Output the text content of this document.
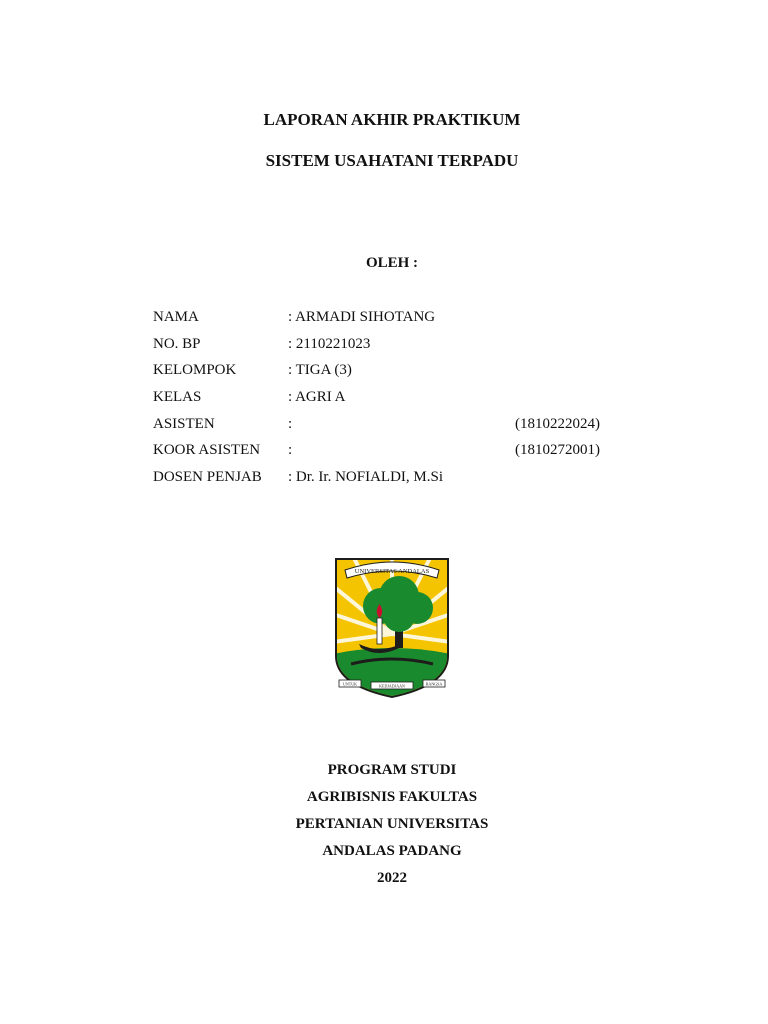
LAPORAN AKHIR PRAKTIKUM
SISTEM USAHATANI TERPADU
OLEH :
NAMA	: ARMADI SIHOTANG
NO. BP	: 2110221023
KELOMPOK	: TIGA (3)
KELAS	: AGRI A
ASISTEN	:	(1810222024)
KOOR ASISTEN :	(1810272001)
DOSEN PENJAB : Dr. Ir. NOFIALDI, M.Si
UNIVERSITAS ANDALAS
UNTUK	KEDJADJAAN	BANGSA
PROGRAM STUDI
AGRIBISNIS FAKULTAS
PERTANIAN UNIVERSITAS
ANDALAS PADANG
2022
